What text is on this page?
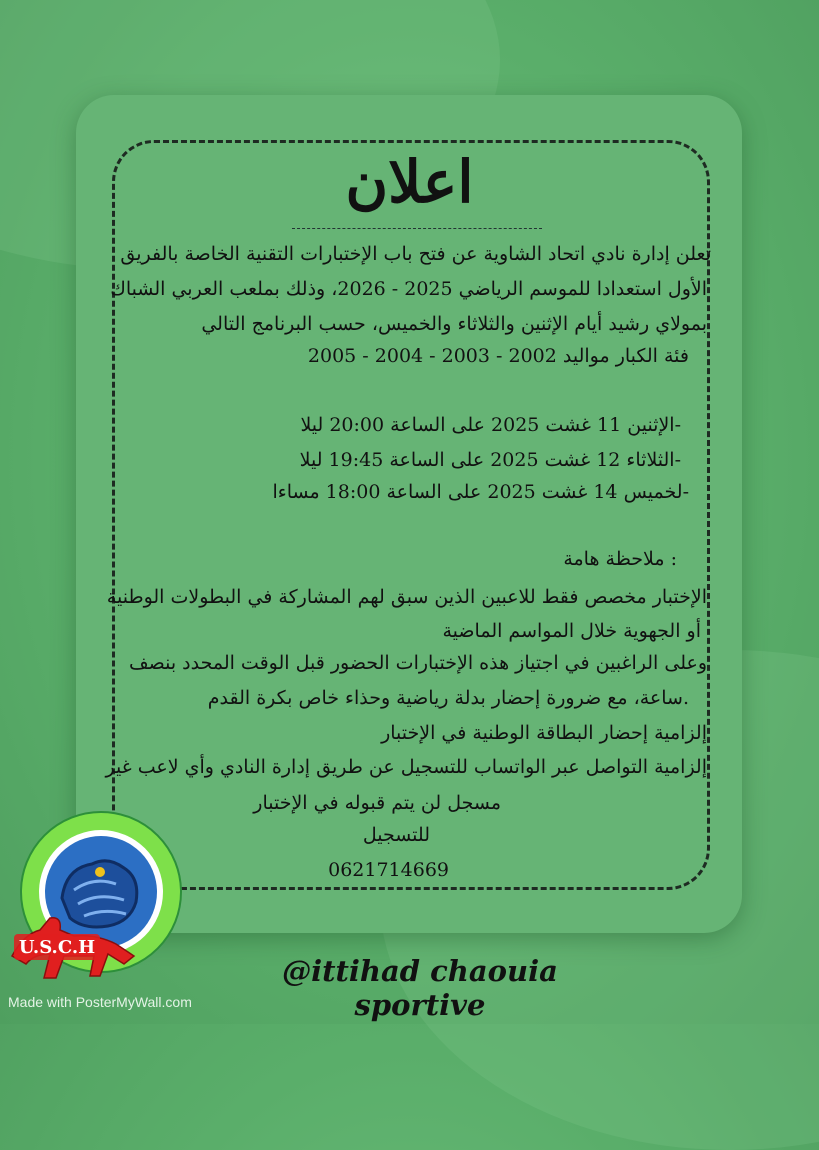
اعلان
تعلن إدارة نادي اتحاد الشاوية عن فتح باب الإختبارات التقنية الخاصة بالفريق
الأول استعدادا للموسم الرياضي 2025 - 2026، وذلك بملعب العربي الشباك
بمولاي رشيد أيام الإثنين والثلاثاء والخميس، حسب البرنامج التالي
فئة الكبار مواليد 2002 - 2003 - 2004 - 2005
-الإثنين 11 غشت 2025 على الساعة 20:00 ليلا
-الثلاثاء 12 غشت 2025 على الساعة 19:45 ليلا
-لخميس 14 غشت 2025 على الساعة 18:00 مساءا
: ملاحظة هامة
الإختبار مخصص فقط للاعبين الذين سبق لهم المشاركة في البطولات الوطنية
أو الجهوية خلال المواسم الماضية
وعلى الراغبين في اجتياز هذه الإختبارات الحضور قبل الوقت المحدد بنصف
.ساعة، مع ضرورة إحضار بدلة رياضية وحذاء خاص بكرة القدم
إلزامية إحضار البطاقة الوطنية في الإختبار
إلزامية التواصل عبر الواتساب للتسجيل عن طريق إدارة النادي وأي لاعب غير
مسجل لن يتم قبوله في الإختبار
للتسجيل
0621714669
U.S.C.H
@ittihad chaouia sportive
Made with PosterMyWall.com
